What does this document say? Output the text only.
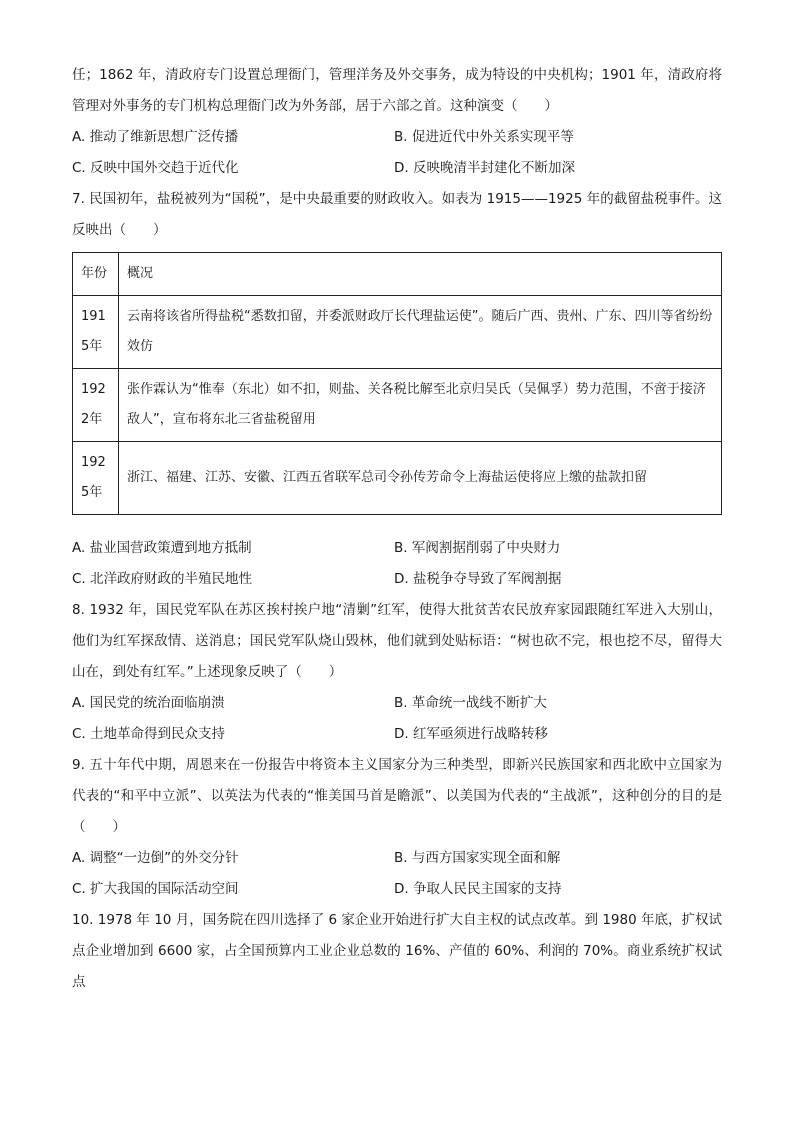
任；1862 年，清政府专门设置总理衙门，管理洋务及外交事务，成为特设的中央机构；1901 年，清政府将管理对外事务的专门机构总理衙门改为外务部，居于六部之首。这种演变（　　）

A. 推动了维新思想广泛传播	B. 促进近代中外关系实现平等
C. 反映中国外交趋于近代化	D. 反映晚清半封建化不断加深

7. 民国初年，盐税被列为“国税”，是中央最重要的财政收入。如表为 1915——1925 年的截留盐税事件。这反映出（　　）

年份	概况
1915年	云南将该省所得盐税“悉数扣留，并委派财政厅长代理盐运使”。随后广西、贵州、广东、四川等省纷纷效仿
1922年	张作霖认为“惟奉（东北）如不扣，则盐、关各税比解至北京归吴氏（吴佩孚）势力范围，不啻于接济敌人”，宣布将东北三省盐税留用
1925年	浙江、福建、江苏、安徽、江西五省联军总司令孙传芳命令上海盐运使将应上缴的盐款扣留
A. 盐业国营政策遭到地方抵制	B. 军阀割据削弱了中央财力
C. 北洋政府财政的半殖民地性	D. 盐税争夺导致了军阀割据

8. 1932 年，国民党军队在苏区挨村挨户地“清剿”红军，使得大批贫苦农民放弃家园跟随红军进入大别山，他们为红军探敌情、送消息；国民党军队烧山毁林，他们就到处贴标语：“树也砍不完，根也挖不尽，留得大山在，到处有红军。”上述现象反映了（　　）

A. 国民党的统治面临崩溃	B. 革命统一战线不断扩大
C. 土地革命得到民众支持	D. 红军亟须进行战略转移

9. 五十年代中期，周恩来在一份报告中将资本主义国家分为三种类型，即新兴民族国家和西北欧中立国家为代表的“和平中立派”、以英法为代表的“惟美国马首是瞻派”、以美国为代表的“主战派”，这种创分的目的是（　　）

A. 调整“一边倒”的外交分针	B. 与西方国家实现全面和解
C. 扩大我国的国际活动空间	D. 争取人民民主国家的支持

10. 1978 年 10 月，国务院在四川选择了 6 家企业开始进行扩大自主权的试点改革。到 1980 年底，扩权试点企业增加到 6600 家，占全国预算内工业企业总数的 16%、产值的 60%、利润的 70%。商业系统扩权试点
